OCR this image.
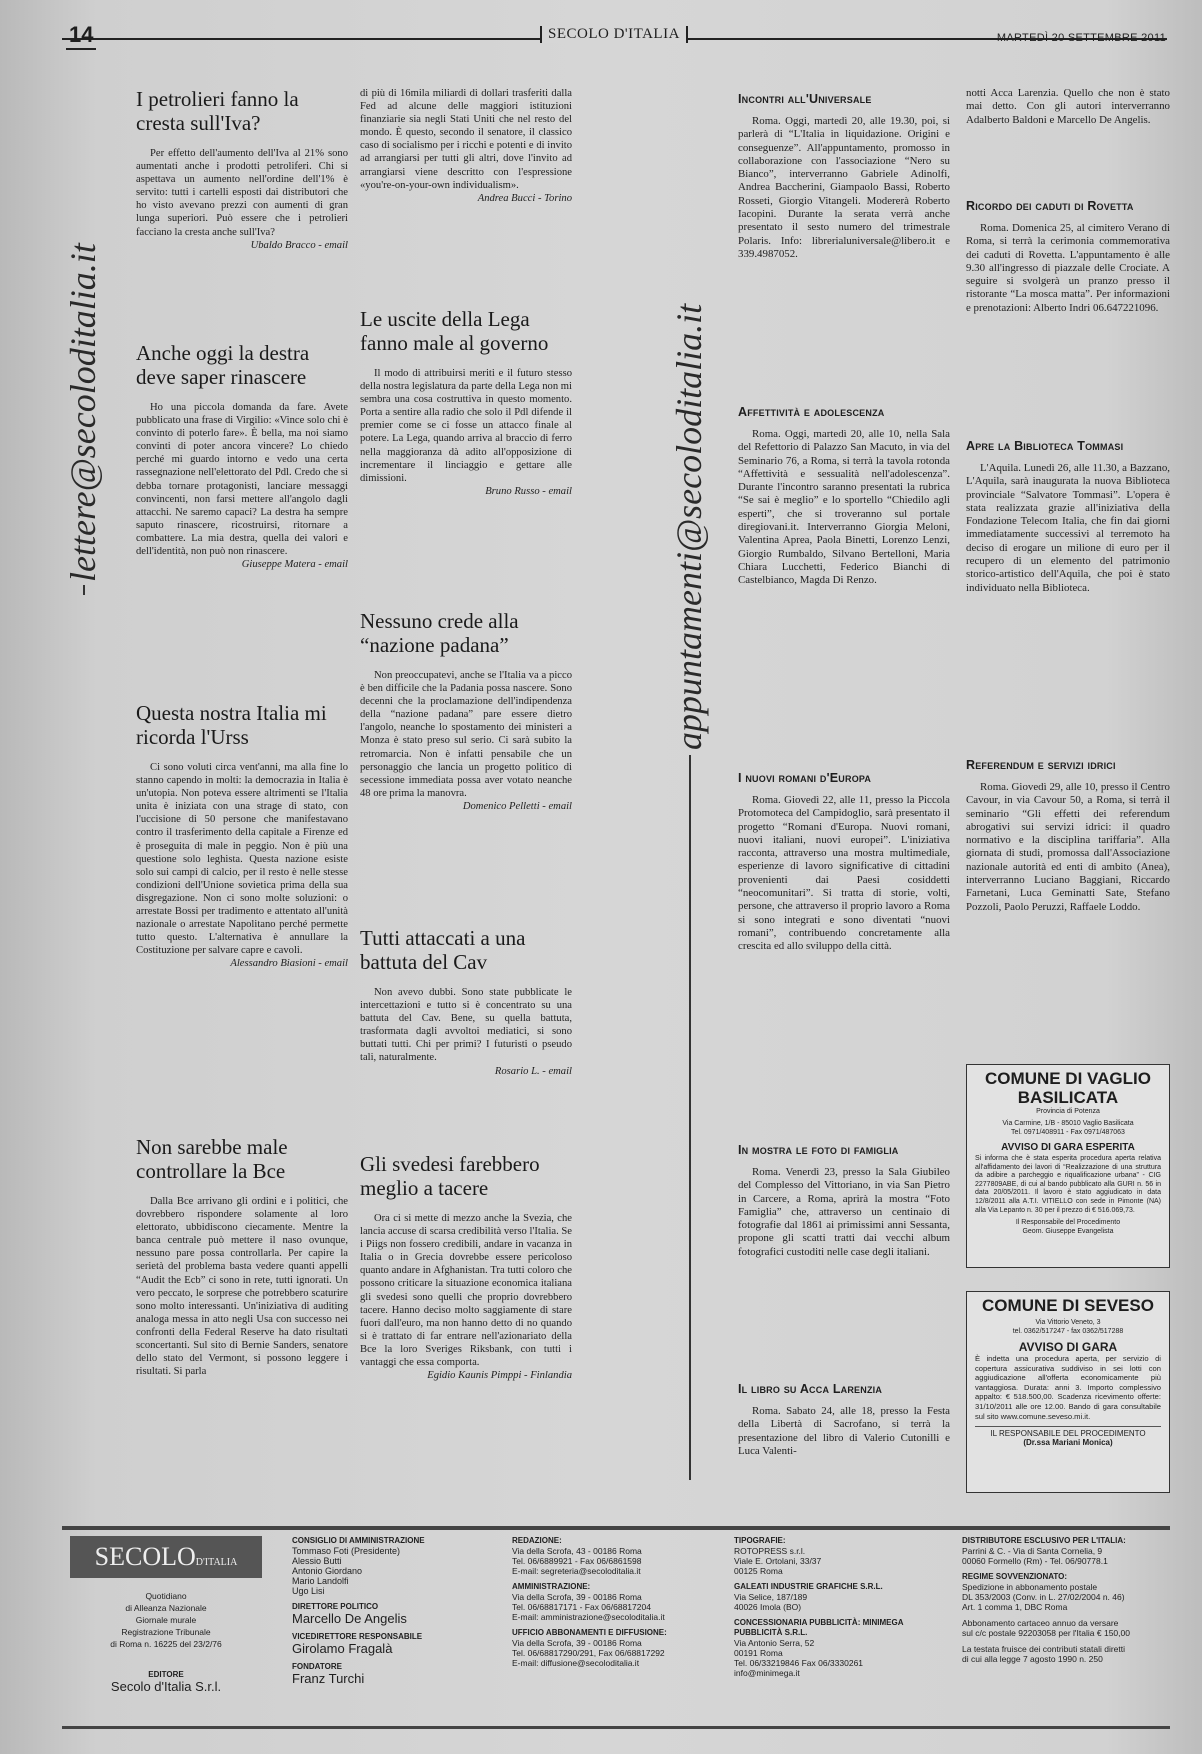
14	SECOLO D'ITALIA	MARTEDÌ 20 SETTEMBRE 2011
lettere@secoloditalia.it	appuntamenti@secoloditalia.it
I petrolieri fanno la cresta sull'Iva?

Per effetto dell'aumento dell'Iva al 21% sono aumentati anche i prodotti petroliferi. Chi si aspettava un aumento nell'ordine dell'1% è servito: tutti i cartelli esposti dai distributori che ho visto avevano prezzi con aumenti di gran lunga superiori. Può essere che i petrolieri facciano la cresta anche sull'Iva?

Ubaldo Bracco - email

Anche oggi la destra deve saper rinascere

Ho una piccola domanda da fare. Avete pubblicato una frase di Virgilio: «Vince solo chi è convinto di poterlo fare». È bella, ma noi siamo convinti di poter ancora vincere? Lo chiedo perché mi guardo intorno e vedo una certa rassegnazione nell'elettorato del Pdl. Credo che si debba tornare protagonisti, lanciare messaggi convincenti, non farsi mettere all'angolo dagli attacchi. Ne saremo capaci? La destra ha sempre saputo rinascere, ricostruirsi, ritornare a combattere. La mia destra, quella dei valori e dell'identità, non può non rinascere.

Giuseppe Matera - email

Questa nostra Italia mi ricorda l'Urss

Ci sono voluti circa vent'anni, ma alla fine lo stanno capendo in molti: la democrazia in Italia è un'utopia. Non poteva essere altrimenti se l'Italia unita è iniziata con una strage di stato, con l'uccisione di 50 persone che manifestavano contro il trasferimento della capitale a Firenze ed è proseguita di male in peggio. Non è più una questione solo leghista. Questa nazione esiste solo sui campi di calcio, per il resto è nelle stesse condizioni dell'Unione sovietica prima della sua disgregazione. Non ci sono molte soluzioni: o arrestate Bossi per tradimento e attentato all'unità nazionale o arrestate Napolitano perché permette tutto questo. L'alternativa è annullare la Costituzione per salvare capre e cavoli.

Alessandro Biasioni - email

Non sarebbe male controllare la Bce

Dalla Bce arrivano gli ordini e i politici, che dovrebbero rispondere solamente al loro elettorato, ubbidiscono ciecamente. Mentre la banca centrale può mettere il naso ovunque, nessuno pare possa controllarla. Per capire la serietà del problema basta vedere quanti appelli “Audit the Ecb” ci sono in rete, tutti ignorati. Un vero peccato, le sorprese che potrebbero scaturire sono molto interessanti. Un'iniziativa di auditing analoga messa in atto negli Usa con successo nei confronti della Federal Reserve ha dato risultati sconcertanti. Sul sito di Bernie Sanders, senatore dello stato del Vermont, si possono leggere i risultati. Si parla

Le uscite della Lega fanno male al governo

Il modo di attribuirsi meriti e il futuro stesso della nostra legislatura da parte della Lega non mi sembra una cosa costruttiva in questo momento. Porta a sentire alla radio che solo il Pdl difende il premier come se ci fosse un attacco finale al potere. La Lega, quando arriva al braccio di ferro nella maggioranza dà adito all'opposizione di incrementare il linciaggio e gettare alle dimissioni.

Bruno Russo - email

Nessuno crede alla “nazione padana”

Non preoccupatevi, anche se l'Italia va a picco è ben difficile che la Padania possa nascere. Sono decenni che la proclamazione dell'indipendenza della “nazione padana” pare essere dietro l'angolo, neanche lo spostamento dei ministeri a Monza è stato preso sul serio. Ci sarà subito la retromarcia. Non è infatti pensabile che un personaggio che lancia un progetto politico di secessione immediata possa aver votato neanche 48 ore prima la manovra.

Domenico Pelletti - email

Tutti attaccati a una battuta del Cav

Non avevo dubbi. Sono state pubblicate le intercettazioni e tutto si è concentrato su una battuta del Cav. Bene, su quella battuta, trasformata dagli avvoltoi mediatici, si sono buttati tutti. Chi per primi? I futuristi o pseudo tali, naturalmente.

Rosario L. - email

Gli svedesi farebbero meglio a tacere

Ora ci si mette di mezzo anche la Svezia, che lancia accuse di scarsa credibilità verso l'Italia. Se i Piigs non fossero credibili, andare in vacanza in Italia o in Grecia dovrebbe essere pericoloso quanto andare in Afghanistan. Tra tutti coloro che possono criticare la situazione economica italiana gli svedesi sono quelli che proprio dovrebbero tacere. Hanno deciso molto saggiamente di stare fuori dall'euro, ma non hanno detto di no quando si è trattato di far entrare nell'azionariato della Bce la loro Sveriges Riksbank, con tutti i vantaggi che essa comporta.

Egidio Kaunis Pimppi - Finlandia

di più di 16mila miliardi di dollari trasferiti dalla Fed ad alcune delle maggiori istituzioni finanziarie sia negli Stati Uniti che nel resto del mondo. È questo, secondo il senatore, il classico caso di socialismo per i ricchi e potenti e di invito ad arrangiarsi per tutti gli altri, dove l'invito ad arrangiarsi viene descritto con l'espressione «you're-on-your-own individualism».

Andrea Bucci - Torino

Incontri all'Universale

Roma. Oggi, martedì 20, alle 19.30, poi, si parlerà di “L'Italia in liquidazione. Origini e conseguenze”. All'appuntamento, promosso in collaborazione con l'associazione “Nero su Bianco”, interverranno Gabriele Adinolfi, Andrea Baccherini, Giampaolo Bassi, Roberto Rosseti, Giorgio Vitangeli. Modererà Roberto Iacopini. Durante la serata verrà anche presentato il sesto numero del trimestrale Polaris. Info: librerialuniversale@libero.it e 339.4987052.

Affettività e adolescenza

Roma. Oggi, martedì 20, alle 10, nella Sala del Refettorio di Palazzo San Macuto, in via del Seminario 76, a Roma, si terrà la tavola rotonda “Affettività e sessualità nell'adolescenza”. Durante l'incontro saranno presentati la rubrica “Se sai è meglio” e lo sportello “Chiedilo agli esperti”, che si troveranno sul portale diregiovani.it. Interverranno Giorgia Meloni, Valentina Aprea, Paola Binetti, Lorenzo Lenzi, Giorgio Rumbaldo, Silvano Bertelloni, Maria Chiara Lucchetti, Federico Bianchi di Castelbianco, Magda Di Renzo.

I nuovi romani d'Europa

Roma. Giovedì 22, alle 11, presso la Piccola Protomoteca del Campidoglio, sarà presentato il progetto “Romani d'Europa. Nuovi romani, nuovi italiani, nuovi europei”. L'iniziativa racconta, attraverso una mostra multimediale, esperienze di lavoro significative di cittadini provenienti dai Paesi cosiddetti “neocomunitari”. Si tratta di storie, volti, persone, che attraverso il proprio lavoro a Roma si sono integrati e sono diventati “nuovi romani”, contribuendo concretamente alla crescita ed allo sviluppo della città.

In mostra le foto di famiglia

Roma. Venerdì 23, presso la Sala Giubileo del Complesso del Vittoriano, in via San Pietro in Carcere, a Roma, aprirà la mostra “Foto Famiglia” che, attraverso un centinaio di fotografie dal 1861 ai primissimi anni Sessanta, propone gli scatti tratti dai vecchi album fotografici custoditi nelle case degli italiani.

Il libro su Acca Larenzia

Roma. Sabato 24, alle 18, presso la Festa della Libertà di Sacrofano, si terrà la presentazione del libro di Valerio Cutonilli e Luca Valenti-

Ricordo dei caduti di Rovetta

Roma. Domenica 25, al cimitero Verano di Roma, si terrà la cerimonia commemorativa dei caduti di Rovetta. L'appuntamento è alle 9.30 all'ingresso di piazzale delle Crociate. A seguire si svolgerà un pranzo presso il ristorante “La mosca matta”. Per informazioni e prenotazioni: Alberto Indri 06.647221096.

Apre la Biblioteca Tommasi

L'Aquila. Lunedì 26, alle 11.30, a Bazzano, L'Aquila, sarà inaugurata la nuova Biblioteca provinciale “Salvatore Tommasi”. L'opera è stata realizzata grazie all'iniziativa della Fondazione Telecom Italia, che fin dai giorni immediatamente successivi al terremoto ha deciso di erogare un milione di euro per il recupero di un elemento del patrimonio storico-artistico dell'Aquila, che poi è stato individuato nella Biblioteca.

Referendum e servizi idrici

Roma. Giovedì 29, alle 10, presso il Centro Cavour, in via Cavour 50, a Roma, si terrà il seminario “Gli effetti dei referendum abrogativi sui servizi idrici: il quadro normativo e la disciplina tariffaria”. Alla giornata di studi, promossa dall'Associazione nazionale autorità ed enti di ambito (Anea), interverranno Luciano Baggiani, Riccardo Farnetani, Luca Geminatti Sate, Stefano Pozzoli, Paolo Peruzzi, Raffaele Loddo.

notti Acca Larenzia. Quello che non è stato mai detto. Con gli autori interverranno Adalberto Baldoni e Marcello De Angelis.

COMUNE DI VAGLIO BASILICATA
Provincia di Potenza
Via Carmine, 1/B - 85010 Vaglio Basilicata
Tel. 0971/408911 - Fax 0971/487063
AVVISO DI GARA ESPERITA
Si informa che è stata esperita procedura aperta relativa all'affidamento dei lavori di “Realizzazione di una struttura da adibire a parcheggio e riqualificazione urbana” - CIG 2277809ABE, di cui al bando pubblicato alla GURI n. 56 in data 20/05/2011. Il lavoro è stato aggiudicato in data 12/8/2011 alla A.T.I. VITIELLO con sede in Pimonte (NA) alla Via Lepanto n. 30 per il prezzo di € 516.069,73.
Il Responsabile del Procedimento
Geom. Giuseppe Evangelista
COMUNE DI SEVESO
Via Vittorio Veneto, 3
tel. 0362/517247 - fax 0362/517288
AVVISO DI GARA
È indetta una procedura aperta, per servizio di copertura assicurativa suddiviso in sei lotti con aggiudicazione all'offerta economicamente più vantaggiosa. Durata: anni 3. Importo complessivo appalto: € 518.500,00. Scadenza ricevimento offerte: 31/10/2011 alle ore 12.00. Bando di gara consultabile sul sito www.comune.seveso.mi.it.
IL RESPONSABILE DEL PROCEDIMENTO
(Dr.ssa Mariani Monica)
SECOLOD'ITALIA
Quotidiano
di Alleanza Nazionale
Giornale murale
Registrazione Tribunale
di Roma n. 16225 del 23/2/76
EDITORE
Secolo d'Italia S.r.l.
CONSIGLIO DI AMMINISTRAZIONE
Tommaso Foti (Presidente)
Alessio Butti
Antonio Giordano
Mario Landolfi
Ugo Lisi
DIRETTORE POLITICO
Marcello De Angelis
VICEDIRETTORE RESPONSABILE
Girolamo Fragalà
FONDATORE
Franz Turchi
REDAZIONE:
Via della Scrofa, 43 - 00186 Roma
Tel. 06/6889921 - Fax 06/6861598
E-mail: segreteria@secoloditalia.it
AMMINISTRAZIONE:
Via della Scrofa, 39 - 00186 Roma
Tel. 06/68817171 - Fax 06/68817204
E-mail: amministrazione@secoloditalia.it
UFFICIO ABBONAMENTI E DIFFUSIONE:
Via della Scrofa, 39 - 00186 Roma
Tel. 06/68817290/291, Fax 06/68817292
E-mail: diffusione@secoloditalia.it
TIPOGRAFIE:
ROTOPRESS s.r.l.
Viale E. Ortolani, 33/37
00125 Roma
GALEATI INDUSTRIE GRAFICHE S.R.L.
Via Selice, 187/189
40026 Imola (BO)
CONCESSIONARIA PUBBLICITÀ: MINIMEGA PUBBLICITÀ S.R.L.
Via Antonio Serra, 52
00191 Roma
Tel. 06/33219846 Fax 06/3330261
info@minimega.it
DISTRIBUTORE ESCLUSIVO PER L'ITALIA:
Parrini & C. - Via di Santa Cornelia, 9
00060 Formello (Rm) - Tel. 06/90778.1
REGIME SOVVENZIONATO:
Spedizione in abbonamento postale
DL 353/2003 (Conv. in L. 27/02/2004 n. 46)
Art. 1 comma 1, DBC Roma
Abbonamento cartaceo annuo da versare
sul c/c postale 92203058 per l'Italia € 150,00
La testata fruisce dei contributi statali diretti
di cui alla legge 7 agosto 1990 n. 250
